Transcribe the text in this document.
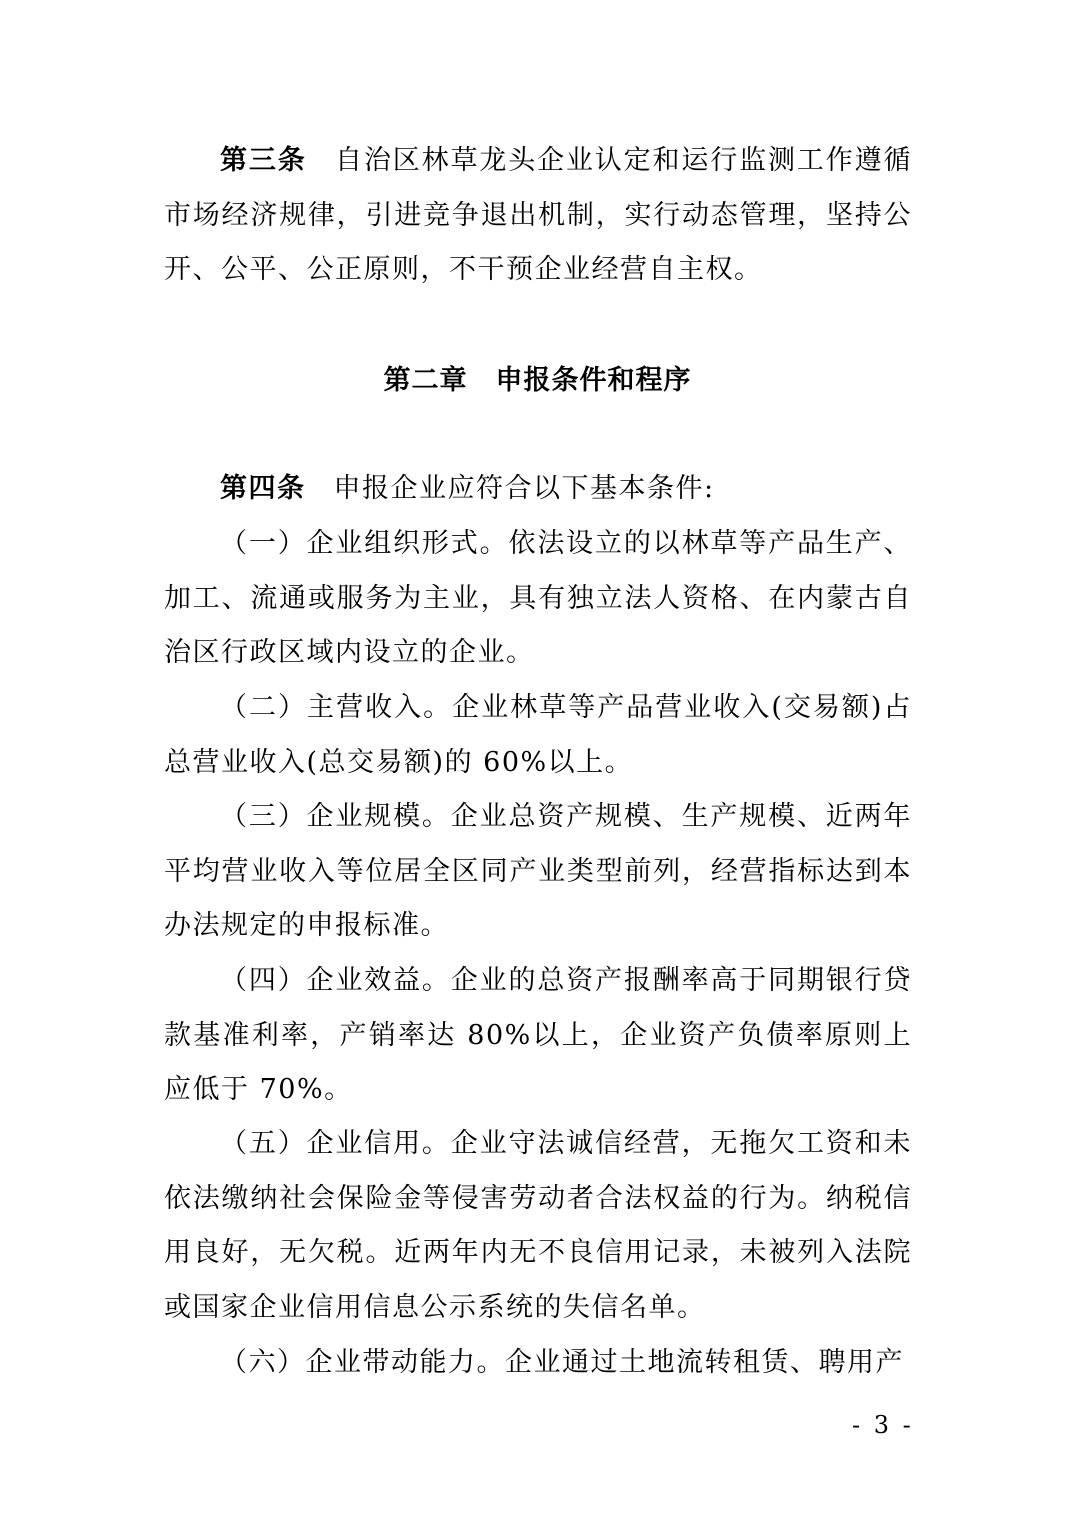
第三条 自治区林草龙头企业认定和运行监测工作遵循市场经济规律，引进竞争退出机制，实行动态管理，坚持公开、公平、公正原则，不干预企业经营自主权。
第二章 申报条件和程序
第四条 申报企业应符合以下基本条件:
（一）企业组织形式。依法设立的以林草等产品生产、加工、流通或服务为主业，具有独立法人资格、在内蒙古自治区行政区域内设立的企业。
（二）主营收入。企业林草等产品营业收入(交易额)占总营业收入(总交易额)的 60%以上。
（三）企业规模。企业总资产规模、生产规模、近两年平均营业收入等位居全区同产业类型前列，经营指标达到本办法规定的申报标准。
（四）企业效益。企业的总资产报酬率高于同期银行贷款基准利率，产销率达 80%以上，企业资产负债率原则上应低于 70%。
（五）企业信用。企业守法诚信经营，无拖欠工资和未依法缴纳社会保险金等侵害劳动者合法权益的行为。纳税信用良好，无欠税。近两年内无不良信用记录，未被列入法院或国家企业信用信息公示系统的失信名单。
（六）企业带动能力。企业通过土地流转租赁、聘用产
- 3 -
